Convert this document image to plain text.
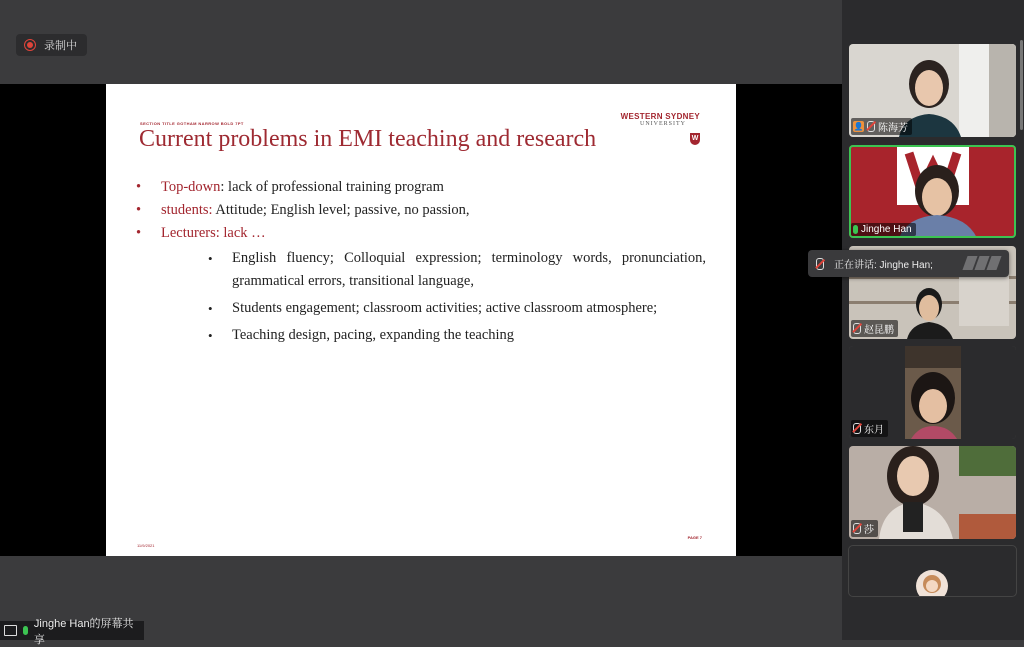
录制中
SECTION TITLE GOTHAM NARROW BOLD 7PT
WESTERN SYDNEY
UNIVERSITY
W
Current problems in EMI teaching and research
• Top-down: lack of professional training program
• students: Attitude; English level; passive, no passion,
• Lecturers: lack …
• English fluency; Colloquial expression; terminology words, pronunciation, grammatical errors, transitional language,
• Students engagement; classroom activities; active classroom atmosphere;
• Teaching design, pacing, expanding the teaching
11/9/2021
PAGE 7
Jinghe Han的屏幕共享
👤 陈海芳
Jinghe Han
赵昆鹏
东月
莎
正在讲话: Jinghe Han;
